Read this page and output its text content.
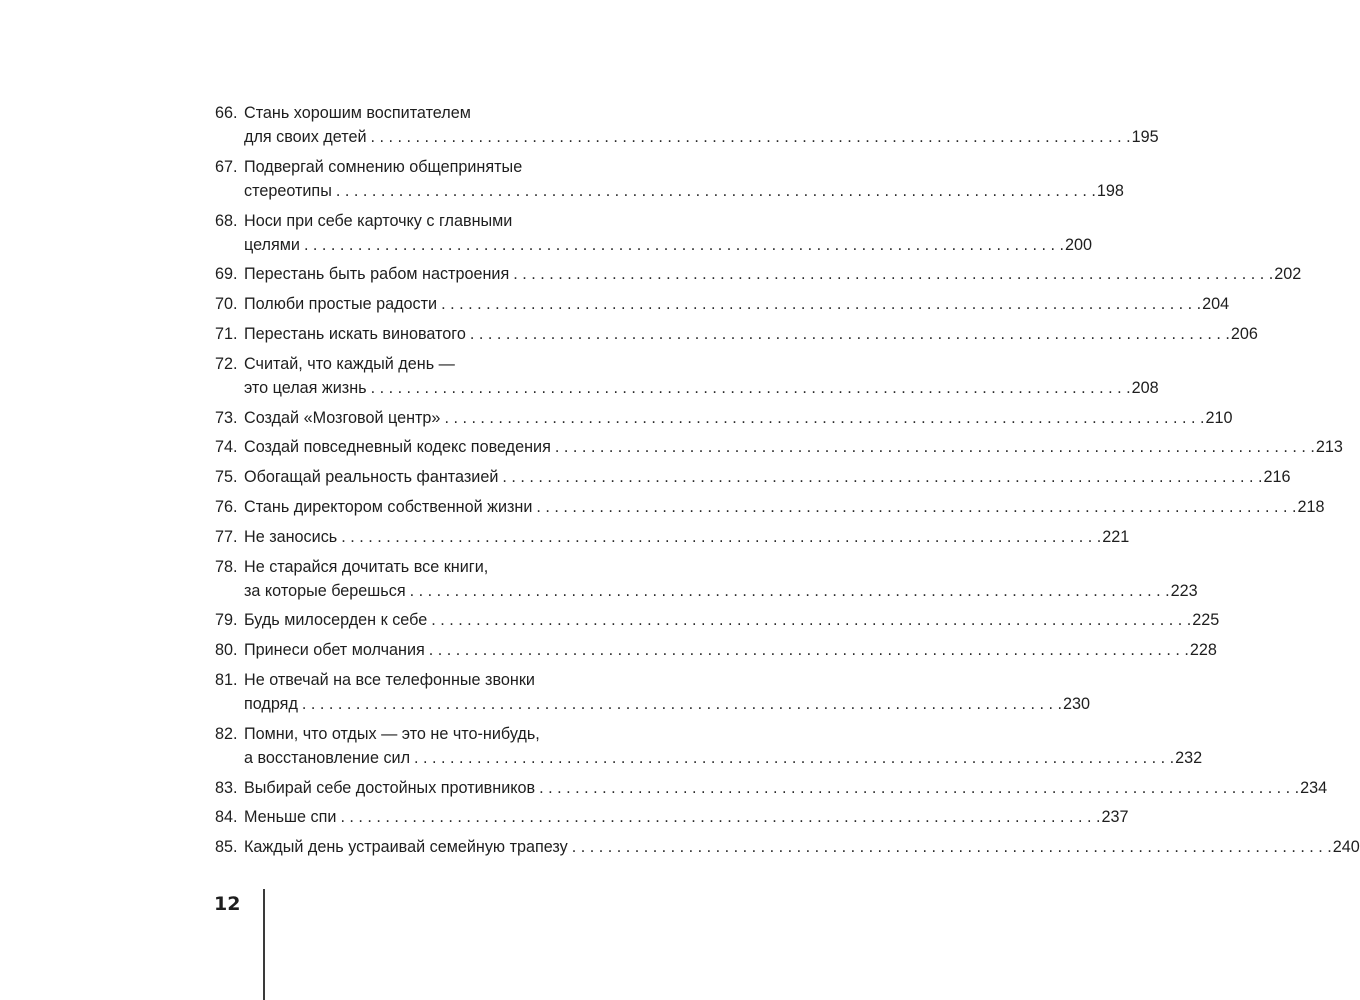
66. Стань хорошим воспитателем
для своих детей . . .	195
67. Подвергай сомнению общепринятые
стереотипы . . .	198
68. Носи при себе карточку с главными
целями . . .	200
69. Перестань быть рабом настроения . . .	202
70. Полюби простые радости . . .	204
71. Перестань искать виноватого . . .	206
72. Считай, что каждый день —
это целая жизнь . . .	208
73. Создай «Мозговой центр» . . .	210
74. Создай повседневный кодекс поведения . . .	213
75. Обогащай реальность фантазией . . .	216
76. Стань директором собственной жизни . . .	218
77. Не заносись . . .	221
78. Не старайся дочитать все книги,
за которые берешься . . .	223
79. Будь милосерден к себе . . .	225
80. Принеси обет молчания . . .	228
81. Не отвечай на все телефонные звонки
подряд . . .	230
82. Помни, что отдых — это не что-нибудь,
а восстановление сил . . .	232
83. Выбирай себе достойных противников . . .	234
84. Меньше спи . . .	237
85. Каждый день устраивай семейную трапезу . . .	240
12
